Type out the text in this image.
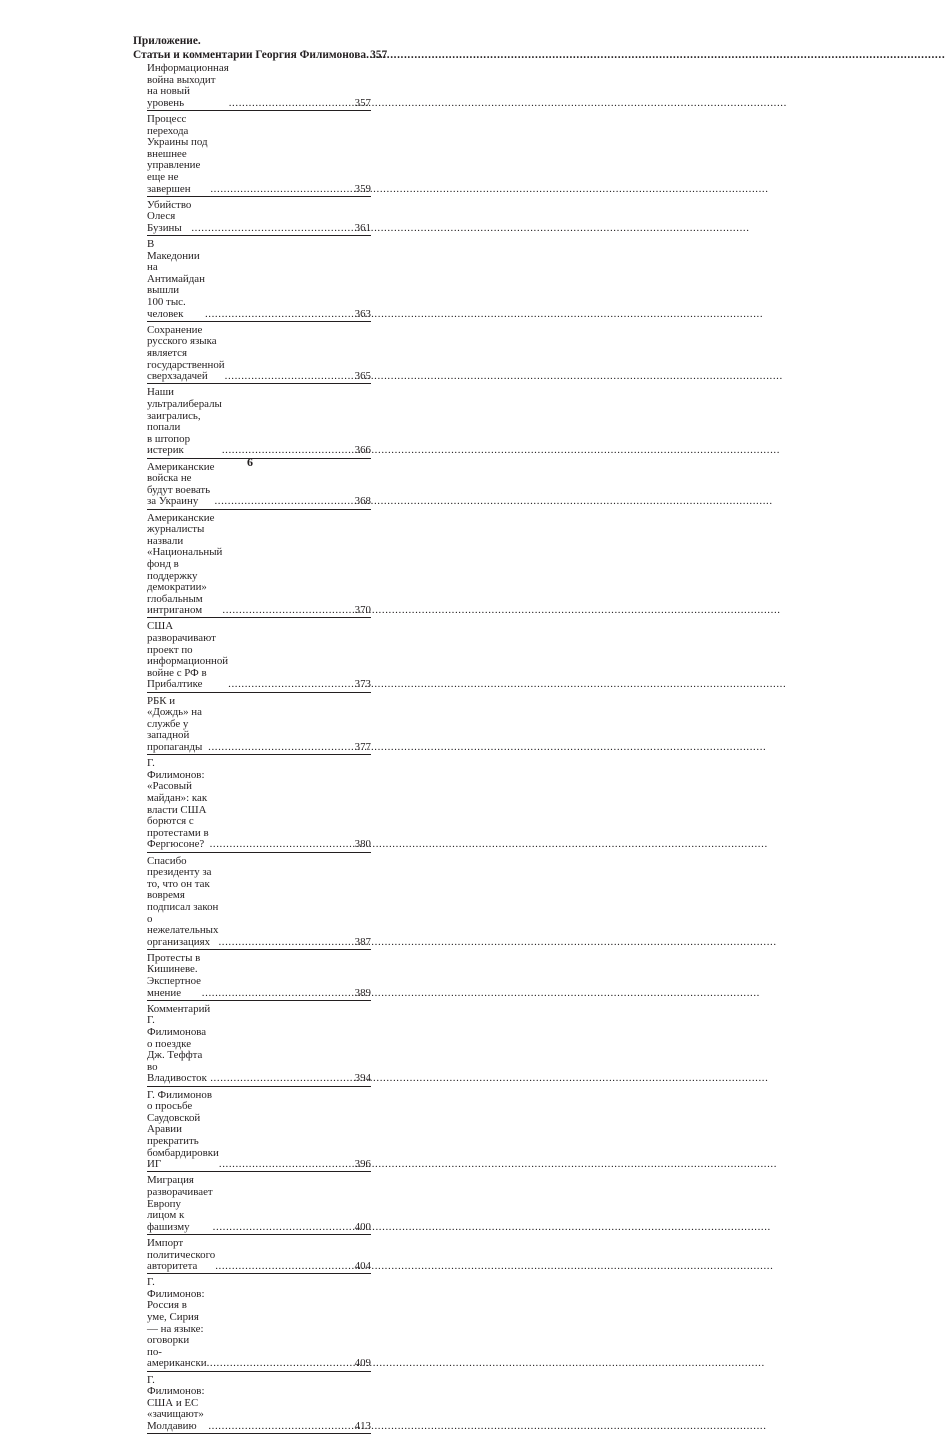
Приложение.
Статьи и комментарии Георгия Филимонова ..... 357
Информационная война выходит на новый уровень .....	357
Процесс перехода Украины под внешнее управление
еще не завершен .....	359
Убийство Олеся Бузины .....	361
В Македонии на Антимайдан вышли
100 тыс. человек .....	363
Сохранение русского языка является
государственной сверхзадачей .....	365
Наши ультралибералы заигрались, попали
в штопор истерик .....	366
Американские войска не будут воевать за Украину .....	368
Американские журналисты назвали «Национальный
фонд в поддержку демократии»
глобальным интриганом .....	370
США разворачивают проект по информационной
войне с РФ в Прибалтике .....	373
РБК и «Дождь» на службе у западной пропаганды .....	377
Г. Филимонов: «Расовый майдан»: как власти США
борются с протестами в Фергюсоне? .....	380
Спасибо президенту за то, что он так вовремя
подписал закон о нежелательных организациях .....	387
Протесты в Кишиневе. Экспертное мнение .....	389
Комментарий Г. Филимонова о поездке Дж. Теффта
во Владивосток .....	394
Г. Филимонов о просьбе Саудовской Аравии
прекратить бомбардировки ИГ .....	396
Миграция разворачивает Европу лицом к фашизму .....	400
Импорт политического авторитета .....	404
Г. Филимонов: Россия в уме, Сирия — на языке:
оговорки по-американски .....	409
Г. Филимонов: США и ЕС «зачищают» Молдавию .....	413
6
